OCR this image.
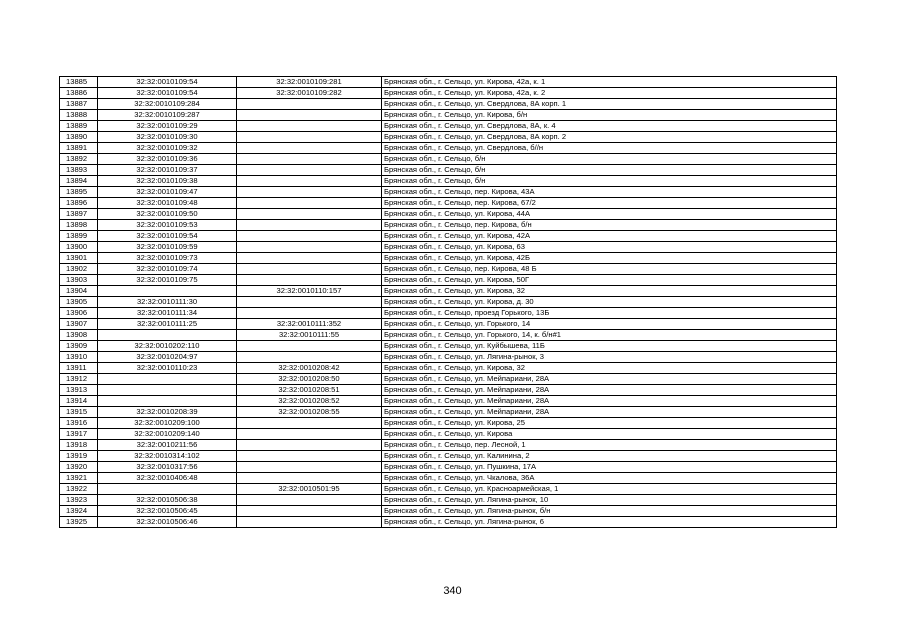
13885	32:32:0010109:54	32:32:0010109:281	Брянская обл., г. Сельцо, ул. Кирова, 42а, к. 1
13886	32:32:0010109:54	32:32:0010109:282	Брянская обл., г. Сельцо, ул. Кирова, 42а, к. 2
13887	32:32:0010109:284		Брянская обл., г. Сельцо, ул. Свердлова, 8А корп. 1
13888	32:32:0010109:287		Брянская обл., г. Сельцо, ул. Кирова, б/н
13889	32:32:0010109:29		Брянская обл., г. Сельцо, ул. Свердлова, 8А, к. 4
13890	32:32:0010109:30		Брянская обл., г. Сельцо, ул. Свердлова, 8А корп. 2
13891	32:32:0010109:32		Брянская обл., г. Сельцо, ул. Свердлова, б//н
13892	32:32:0010109:36		Брянская обл., г. Сельцо, б/н
13893	32:32:0010109:37		Брянская обл., г. Сельцо, б/н
13894	32:32:0010109:38		Брянская обл., г. Сельцо, б/н
13895	32:32:0010109:47		Брянская обл., г. Сельцо, пер. Кирова, 43А
13896	32:32:0010109:48		Брянская обл., г. Сельцо, пер. Кирова, 67/2
13897	32:32:0010109:50		Брянская обл., г. Сельцо, ул. Кирова, 44А
13898	32:32:0010109:53		Брянская обл., г. Сельцо, пер. Кирова, б/н
13899	32:32:0010109:54		Брянская обл., г. Сельцо, ул. Кирова, 42А
13900	32:32:0010109:59		Брянская обл., г. Сельцо, ул. Кирова, 63
13901	32:32:0010109:73		Брянская обл., г. Сельцо, ул. Кирова, 42Б
13902	32:32:0010109:74		Брянская обл., г. Сельцо, пер. Кирова, 48 Б
13903	32:32:0010109:75		Брянская обл., г. Сельцо, ул. Кирова, 50Г
13904		32:32:0010110:157	Брянская обл., г. Сельцо, ул. Кирова, 32
13905	32:32:0010111:30		Брянская обл., г. Сельцо, ул. Кирова, д. 30
13906	32:32:0010111:34		Брянская обл., г. Сельцо, проезд Горького, 13Б
13907	32:32:0010111:25	32:32:0010111:352	Брянская обл., г. Сельцо, ул. Горького, 14
13908		32:32:0010111:55	Брянская обл., г. Сельцо, ул. Горького, 14, к. б/н#1
13909	32:32:0010202:110		Брянская обл., г. Сельцо, ул. Куйбышева, 11Б
13910	32:32:0010204:97		Брянская обл., г. Сельцо, ул. Лягина-рынок, 3
13911	32:32:0010110:23	32:32:0010208:42	Брянская обл., г. Сельцо, ул. Кирова, 32
13912		32:32:0010208:50	Брянская обл., г. Сельцо, ул. Мейпариани, 28А
13913		32:32:0010208:51	Брянская обл., г. Сельцо, ул. Мейпариани, 28А
13914		32:32:0010208:52	Брянская обл., г. Сельцо, ул. Мейпариани, 28А
13915	32:32:0010208:39	32:32:0010208:55	Брянская обл., г. Сельцо, ул. Мейпариани, 28А
13916	32:32:0010209:100		Брянская обл., г. Сельцо, ул. Кирова, 25
13917	32:32:0010209:140		Брянская обл., г. Сельцо, ул. Кирова
13918	32:32:0010211:56		Брянская обл., г. Сельцо, пер. Лесной, 1
13919	32:32:0010314:102		Брянская обл., г. Сельцо, ул. Калинина, 2
13920	32:32:0010317:56		Брянская обл., г. Сельцо, ул. Пушкина, 17А
13921	32:32:0010406:48		Брянская обл., г. Сельцо, ул. Чкалова, 36А
13922		32:32:0010501:95	Брянская обл., г. Сельцо, ул. Красноармейская, 1
13923	32:32:0010506:38		Брянская обл., г. Сельцо, ул. Лягина-рынок, 10
13924	32:32:0010506:45		Брянская обл., г. Сельцо, ул. Лягина-рынок, б/н
13925	32:32:0010506:46		Брянская обл., г. Сельцо, ул. Лягина-рынок, 6
340
